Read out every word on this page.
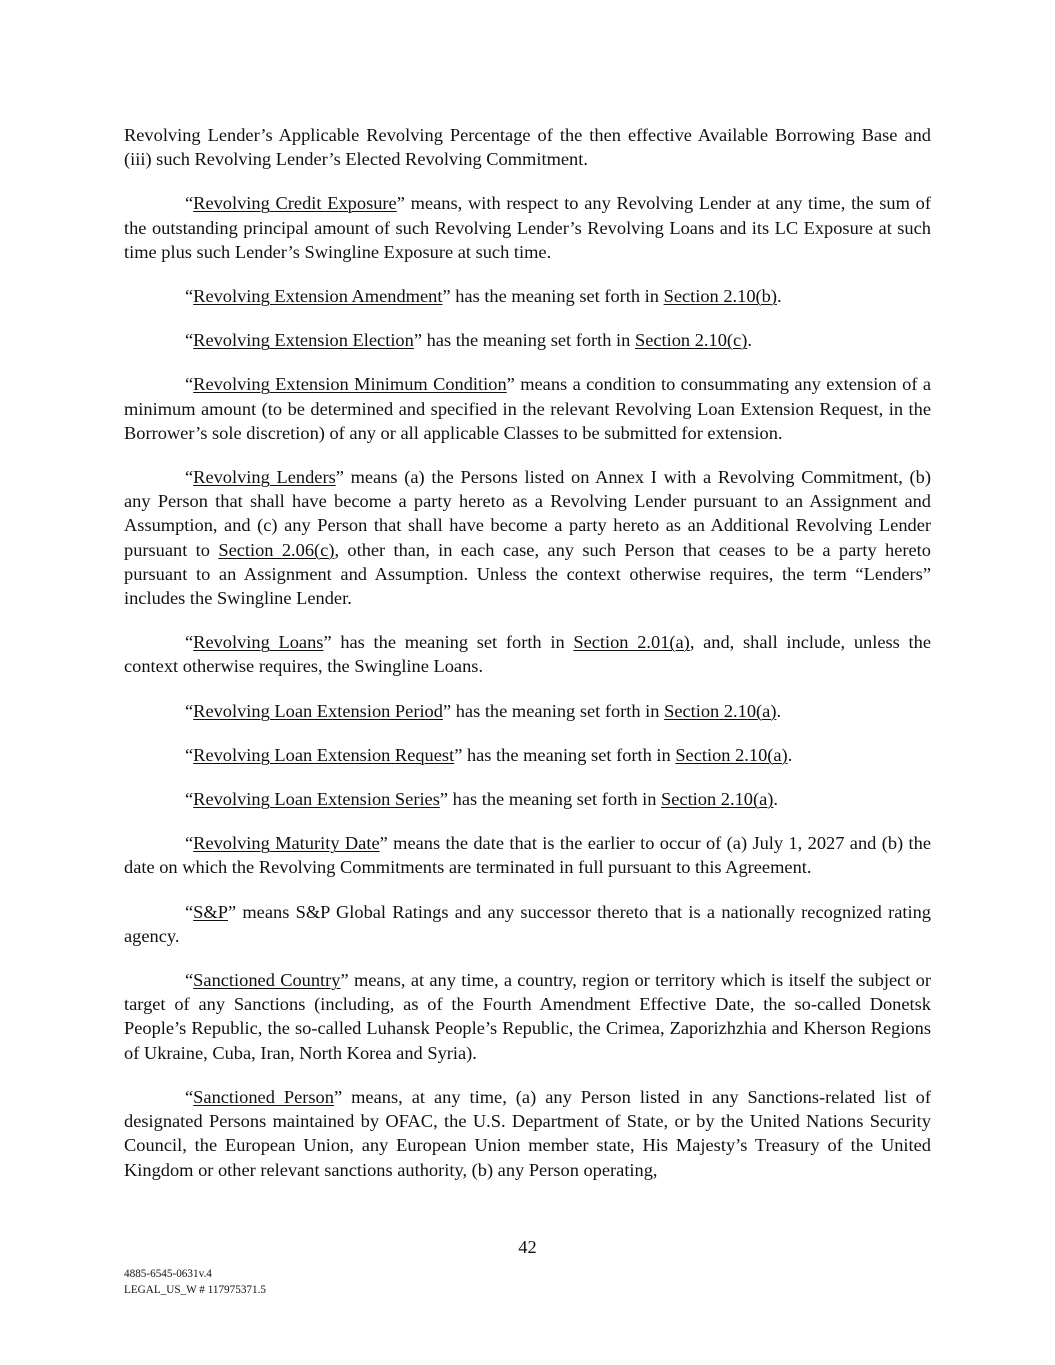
Revolving Lender’s Applicable Revolving Percentage of the then effective Available Borrowing Base and (iii) such Revolving Lender’s Elected Revolving Commitment.

“Revolving Credit Exposure” means, with respect to any Revolving Lender at any time, the sum of the outstanding principal amount of such Revolving Lender’s Revolving Loans and its LC Exposure at such time plus such Lender’s Swingline Exposure at such time.

“Revolving Extension Amendment” has the meaning set forth in Section 2.10(b).

“Revolving Extension Election” has the meaning set forth in Section 2.10(c).

“Revolving Extension Minimum Condition” means a condition to consummating any extension of a minimum amount (to be determined and specified in the relevant Revolving Loan Extension Request, in the Borrower’s sole discretion) of any or all applicable Classes to be submitted for extension.

“Revolving Lenders” means (a) the Persons listed on Annex I with a Revolving Commitment, (b) any Person that shall have become a party hereto as a Revolving Lender pursuant to an Assignment and Assumption, and (c) any Person that shall have become a party hereto as an Additional Revolving Lender pursuant to Section 2.06(c), other than, in each case, any such Person that ceases to be a party hereto pursuant to an Assignment and Assumption. Unless the context otherwise requires, the term “Lenders” includes the Swingline Lender.

“Revolving Loans” has the meaning set forth in Section 2.01(a), and, shall include, unless the context otherwise requires, the Swingline Loans.

“Revolving Loan Extension Period” has the meaning set forth in Section 2.10(a).

“Revolving Loan Extension Request” has the meaning set forth in Section 2.10(a).

“Revolving Loan Extension Series” has the meaning set forth in Section 2.10(a).

“Revolving Maturity Date” means the date that is the earlier to occur of (a) July 1, 2027 and (b) the date on which the Revolving Commitments are terminated in full pursuant to this Agreement.

“S&P” means S&P Global Ratings and any successor thereto that is a nationally recognized rating agency.

“Sanctioned Country” means, at any time, a country, region or territory which is itself the subject or target of any Sanctions (including, as of the Fourth Amendment Effective Date, the so-called Donetsk People’s Republic, the so-called Luhansk People’s Republic, the Crimea, Zaporizhzhia and Kherson Regions of Ukraine, Cuba, Iran, North Korea and Syria).

“Sanctioned Person” means, at any time, (a) any Person listed in any Sanctions-related list of designated Persons maintained by OFAC, the U.S. Department of State, or by the United Nations Security Council, the European Union, any European Union member state, His Majesty’s Treasury of the United Kingdom or other relevant sanctions authority, (b) any Person operating,

42
4885-6545-0631v.4
LEGAL_US_W # 117975371.5
